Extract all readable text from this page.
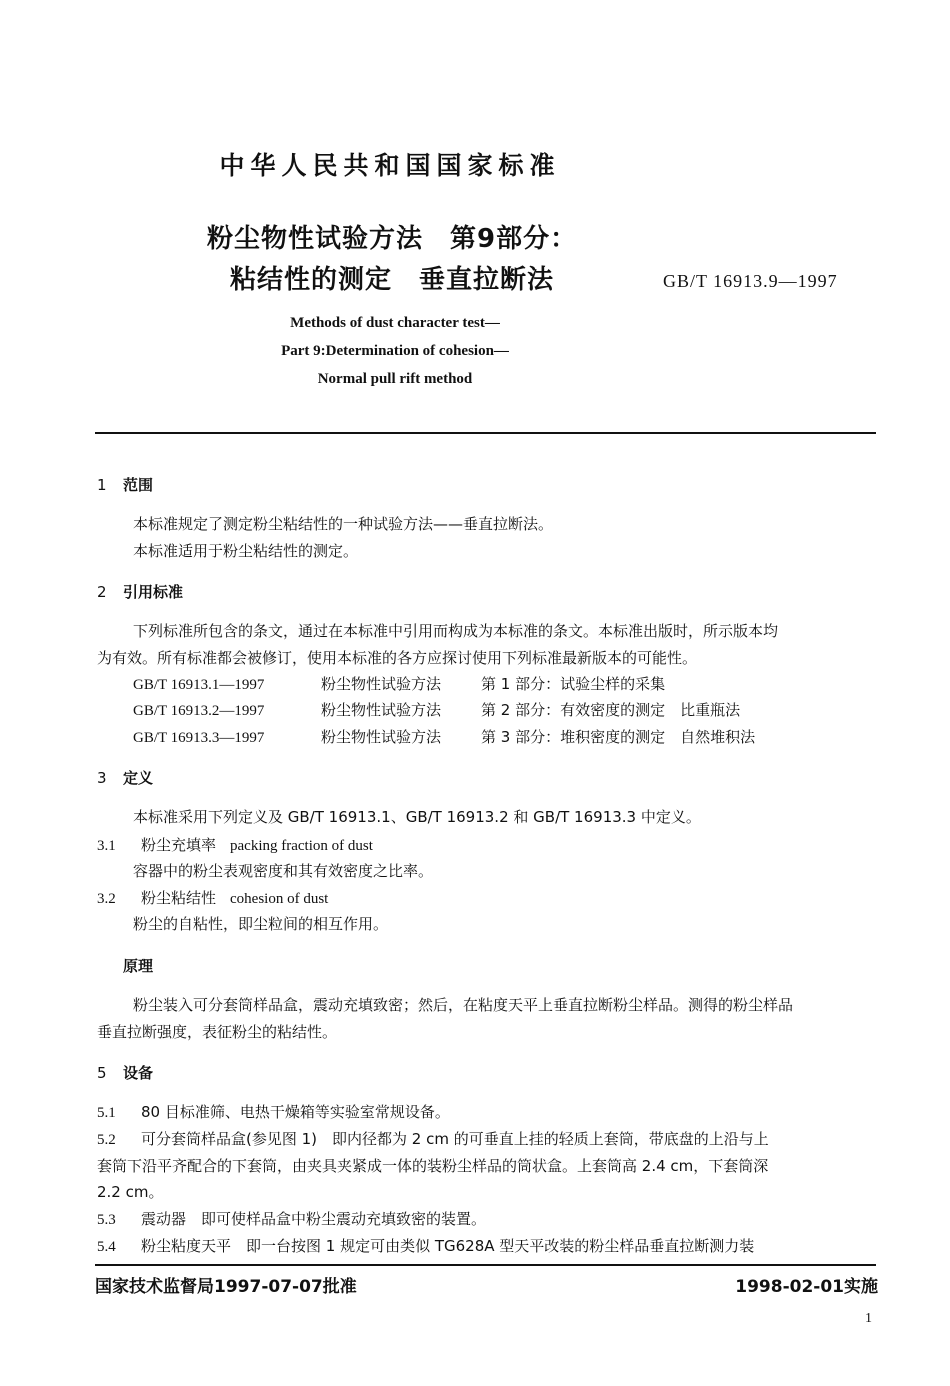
中华人民共和国国家标准
粉尘物性试验方法　第9部分：
粘结性的测定　垂直拉断法	GB/T 16913.9—1997
Methods of dust character test—
Part 9:Determination of cohesion—
Normal pull rift method
1 范围
本标准规定了测定粉尘粘结性的一种试验方法——垂直拉断法。
本标准适用于粉尘粘结性的测定。
2 引用标准
下列标准所包含的条文，通过在本标准中引用而构成为本标准的条文。本标准出版时，所示版本均
为有效。所有标准都会被修订，使用本标准的各方应探讨使用下列标准最新版本的可能性。
GB/T 16913.1—1997	粉尘物性试验方法	第 1 部分：试验尘样的采集
GB/T 16913.2—1997	粉尘物性试验方法	第 2 部分：有效密度的测定　比重瓶法
GB/T 16913.3—1997	粉尘物性试验方法	第 3 部分：堆积密度的测定　自然堆积法
3 定义
本标准采用下列定义及 GB/T 16913.1、GB/T 16913.2 和 GB/T 16913.3 中定义。
3.1 粉尘充填率 packing fraction of dust
容器中的粉尘表观密度和其有效密度之比率。
3.2 粉尘粘结性 cohesion of dust
粉尘的自粘性，即尘粒间的相互作用。
原理
粉尘装入可分套筒样品盒，震动充填致密；然后，在粘度天平上垂直拉断粉尘样品。测得的粉尘样品
垂直拉断强度，表征粉尘的粘结性。
5 设备
5.1 80 目标准筛、电热干燥箱等实验室常规设备。
5.2 可分套筒样品盒(参见图 1)　即内径都为 2 cm 的可垂直上挂的轻质上套筒，带底盘的上沿与上
套筒下沿平齐配合的下套筒，由夹具夹紧成一体的装粉尘样品的筒状盒。上套筒高 2.4 cm，下套筒深
2.2 cm。
5.3 震动器　即可使样品盒中粉尘震动充填致密的装置。
5.4 粉尘粘度天平　即一台按图 1 规定可由类似 TG628A 型天平改装的粉尘样品垂直拉断测力装
国家技术监督局1997-07-07批准	1998-02-01实施
1
